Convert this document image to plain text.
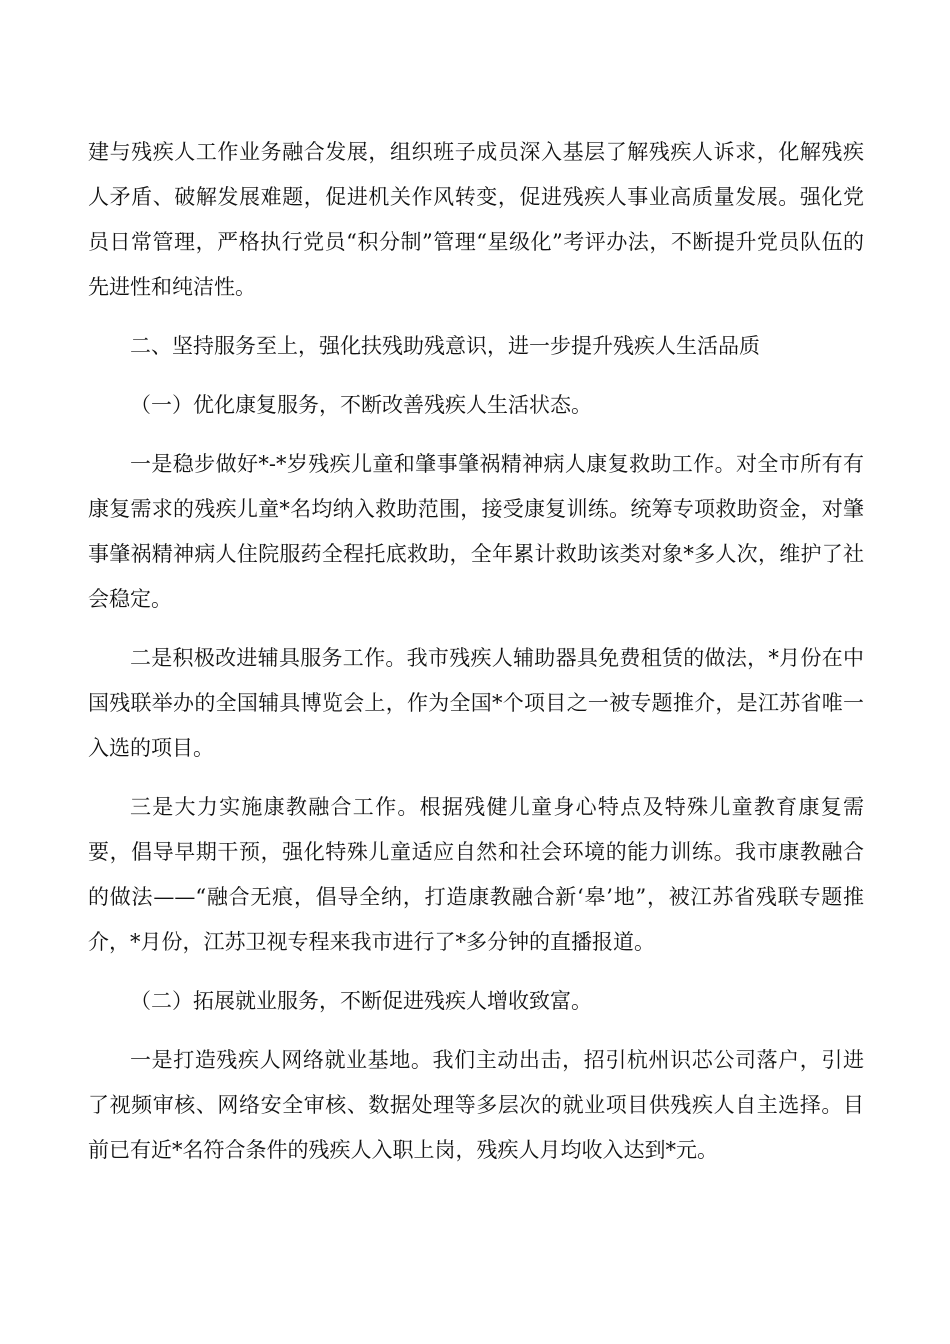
建与残疾人工作业务融合发展，组织班子成员深入基层了解残疾人诉求，化解残疾人矛盾、破解发展难题，促进机关作风转变，促进残疾人事业高质量发展。强化党员日常管理，严格执行党员“积分制”管理“星级化”考评办法，不断提升党员队伍的先进性和纯洁性。

二、坚持服务至上，强化扶残助残意识，进一步提升残疾人生活品质

（一）优化康复服务，不断改善残疾人生活状态。

一是稳步做好*-*岁残疾儿童和肇事肇祸精神病人康复救助工作。对全市所有有康复需求的残疾儿童*名均纳入救助范围，接受康复训练。统筹专项救助资金，对肇事肇祸精神病人住院服药全程托底救助，全年累计救助该类对象*多人次，维护了社会稳定。

二是积极改进辅具服务工作。我市残疾人辅助器具免费租赁的做法，*月份在中国残联举办的全国辅具博览会上，作为全国*个项目之一被专题推介，是江苏省唯一入选的项目。

三是大力实施康教融合工作。根据残健儿童身心特点及特殊儿童教育康复需要，倡导早期干预，强化特殊儿童适应自然和社会环境的能力训练。我市康教融合的做法——“融合无痕，倡导全纳，打造康教融合新‘皋’地”，被江苏省残联专题推介，*月份，江苏卫视专程来我市进行了*多分钟的直播报道。

（二）拓展就业服务，不断促进残疾人增收致富。

一是打造残疾人网络就业基地。我们主动出击，招引杭州识芯公司落户，引进了视频审核、网络安全审核、数据处理等多层次的就业项目供残疾人自主选择。目前已有近*名符合条件的残疾人入职上岗，残疾人月均收入达到*元。
